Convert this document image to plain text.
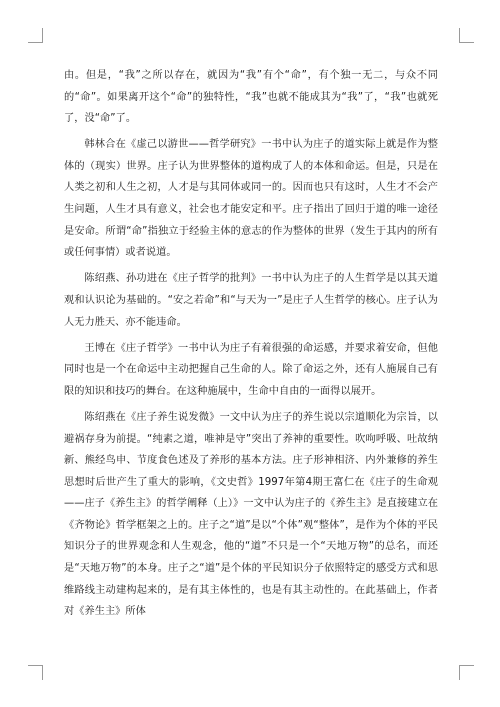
由。但是，“我”之所以存在，就因为“我”有个“命”，有个独一无二，与众不同的“命”。如果离开这个“命”的独特性，“我”也就不能成其为“我”了，“我”也就死了，没“命”了。

韩林合在《虚己以游世——哲学研究》一书中认为庄子的道实际上就是作为整体的（现实）世界。庄子认为世界整体的道构成了人的本体和命运。但是，只是在人类之初和人生之初，人才是与其同体或同一的。因而也只有这时，人生才不会产生问题，人生才具有意义，社会也才能安定和平。庄子指出了回归于道的唯一途径是安命。所谓“命”指独立于经验主体的意志的作为整体的世界（发生于其内的所有或任何事情）或者说道。

陈绍燕、孙功进在《庄子哲学的批判》一书中认为庄子的人生哲学是以其天道观和认识论为基础的。“安之若命”和“与天为一”是庄子人生哲学的核心。庄子认为人无力胜天、亦不能违命。

王博在《庄子哲学》一书中认为庄子有着很强的命运感，并要求着安命，但他同时也是一个在命运中主动把握自己生命的人。除了命运之外，还有人施展自己有限的知识和技巧的舞台。在这种施展中，生命中自由的一面得以展开。

陈绍燕在《庄子养生说发微》一文中认为庄子的养生说以宗道顺化为宗旨，以避祸存身为前提。“纯素之道，唯神是守”突出了养神的重要性。吹呴呼吸、吐故纳新、熊经鸟申、节度食色述及了养形的基本方法。庄子形神相济、内外兼修的养生思想时后世产生了重大的影响，《文史哲》1997年第4期王富仁在《庄子的生命观——庄子《养生主》的哲学阐释（上）》一文中认为庄子的《养生主》是直接建立在《齐物论》哲学框架之上的。庄子之“道”是以“个体”观“整体”，是作为个体的平民知识分子的世界观念和人生观念，他的“道”不只是一个“天地万物”的总名，而还是“天地万物”的本身。庄子之“道”是个体的平民知识分子依照特定的感受方式和思维路线主动建构起来的，是有其主体性的，也是有其主动性的。在此基础上，作者对《养生主》所体
